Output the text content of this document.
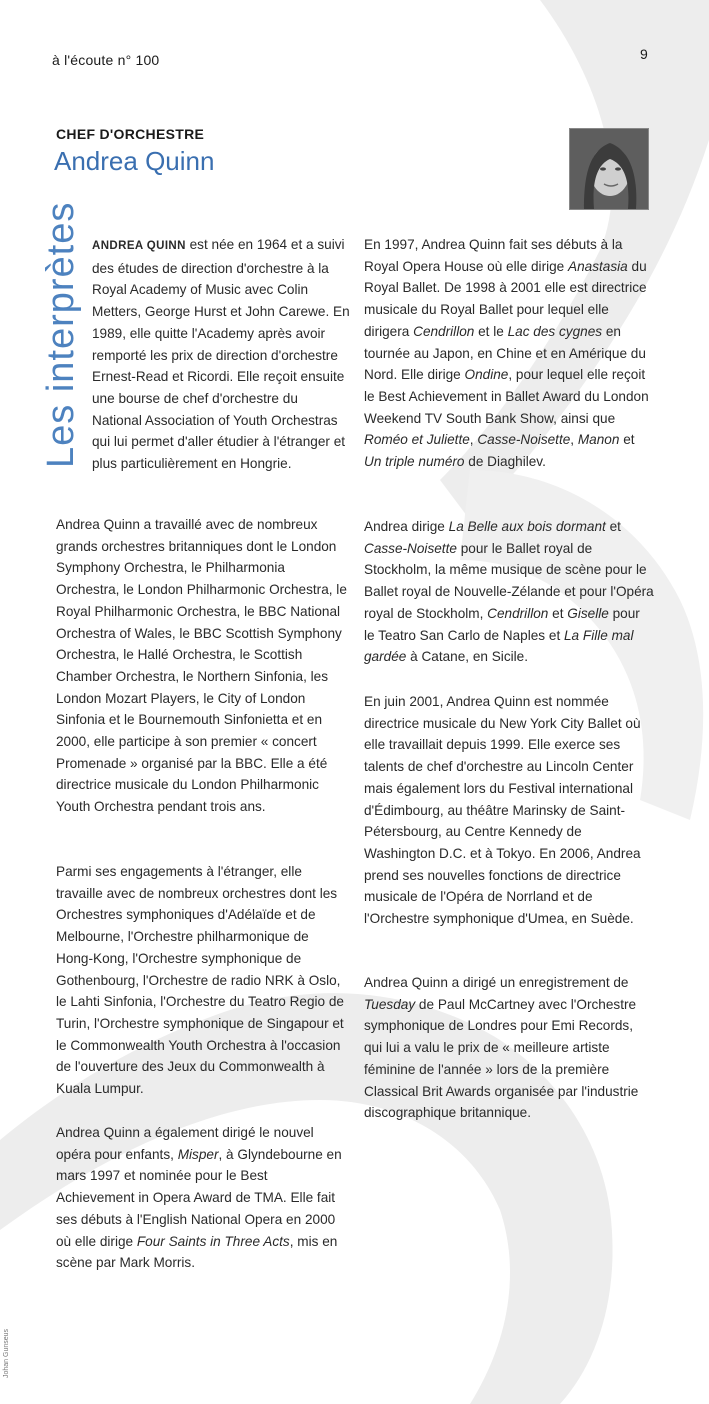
à l'écoute n° 100	9
CHEF D'ORCHESTRE
Andrea Quinn
Les interprètes ANDREA QUINN est née en 1964 et a suivi des études de direction d'orchestre à la Royal Academy of Music avec Colin Metters, George Hurst et John Carewe. En 1989, elle quitte l'Academy après avoir remporté les prix de direction d'orchestre Ernest-Read et Ricordi. Elle reçoit ensuite une bourse de chef d'orchestre du National Association of Youth Orchestras qui lui permet d'aller étudier à l'étranger et plus particulièrement en Hongrie.

Andrea Quinn a travaillé avec de nombreux grands orchestres britanniques dont le London Symphony Orchestra, le Philharmonia Orchestra, le London Philharmonic Orchestra, le Royal Philharmonic Orchestra, le BBC National Orchestra of Wales, le BBC Scottish Symphony Orchestra, le Hallé Orchestra, le Scottish Chamber Orchestra, le Northern Sinfonia, les London Mozart Players, le City of London Sinfonia et le Bournemouth Sinfonietta et en 2000, elle participe à son premier « concert Promenade » organisé par la BBC. Elle a été directrice musicale du London Philharmonic Youth Orchestra pendant trois ans.

Parmi ses engagements à l'étranger, elle travaille avec de nombreux orchestres dont les Orchestres symphoniques d'Adélaïde et de Melbourne, l'Orchestre philharmonique de Hong-Kong, l'Orchestre symphonique de Gothenbourg, l'Orchestre de radio NRK à Oslo, le Lahti Sinfonia, l'Orchestre du Teatro Regio de Turin, l'Orchestre symphonique de Singapour et le Commonwealth Youth Orchestra à l'occasion de l'ouverture des Jeux du Commonwealth à Kuala Lumpur.

Andrea Quinn a également dirigé le nouvel opéra pour enfants, Misper, à Glyndebourne en mars 1997 et nominée pour le Best Achievement in Opera Award de TMA. Elle fait ses débuts à l'English National Opera en 2000 où elle dirige Four Saints in Three Acts, mis en scène par Mark Morris.

En 1997, Andrea Quinn fait ses débuts à la Royal Opera House où elle dirige Anastasia du Royal Ballet. De 1998 à 2001 elle est directrice musicale du Royal Ballet pour lequel elle dirigera Cendrillon et le Lac des cygnes en tournée au Japon, en Chine et en Amérique du Nord. Elle dirige Ondine, pour lequel elle reçoit le Best Achievement in Ballet Award du London Weekend TV South Bank Show, ainsi que Roméo et Juliette, Casse-Noisette, Manon et Un triple numéro de Diaghilev.

Andrea dirige La Belle aux bois dormant et Casse-Noisette pour le Ballet royal de Stockholm, la même musique de scène pour le Ballet royal de Nouvelle-Zélande et pour l'Opéra royal de Stockholm, Cendrillon et Giselle pour le Teatro San Carlo de Naples et La Fille mal gardée à Catane, en Sicile.

En juin 2001, Andrea Quinn est nommée directrice musicale du New York City Ballet où elle travaillait depuis 1999. Elle exerce ses talents de chef d'orchestre au Lincoln Center mais également lors du Festival international d'Édimbourg, au théâtre Marinsky de Saint-Pétersbourg, au Centre Kennedy de Washington D.C. et à Tokyo. En 2006, Andrea prend ses nouvelles fonctions de directrice musicale de l'Opéra de Norrland et de l'Orchestre symphonique d'Umea, en Suède.

Andrea Quinn a dirigé un enregistrement de Tuesday de Paul McCartney avec l'Orchestre symphonique de Londres pour Emi Records, qui lui a valu le prix de « meilleure artiste féminine de l'année » lors de la première Classical Brit Awards organisée par l'industrie discographique britannique.

Johan Gunseus
